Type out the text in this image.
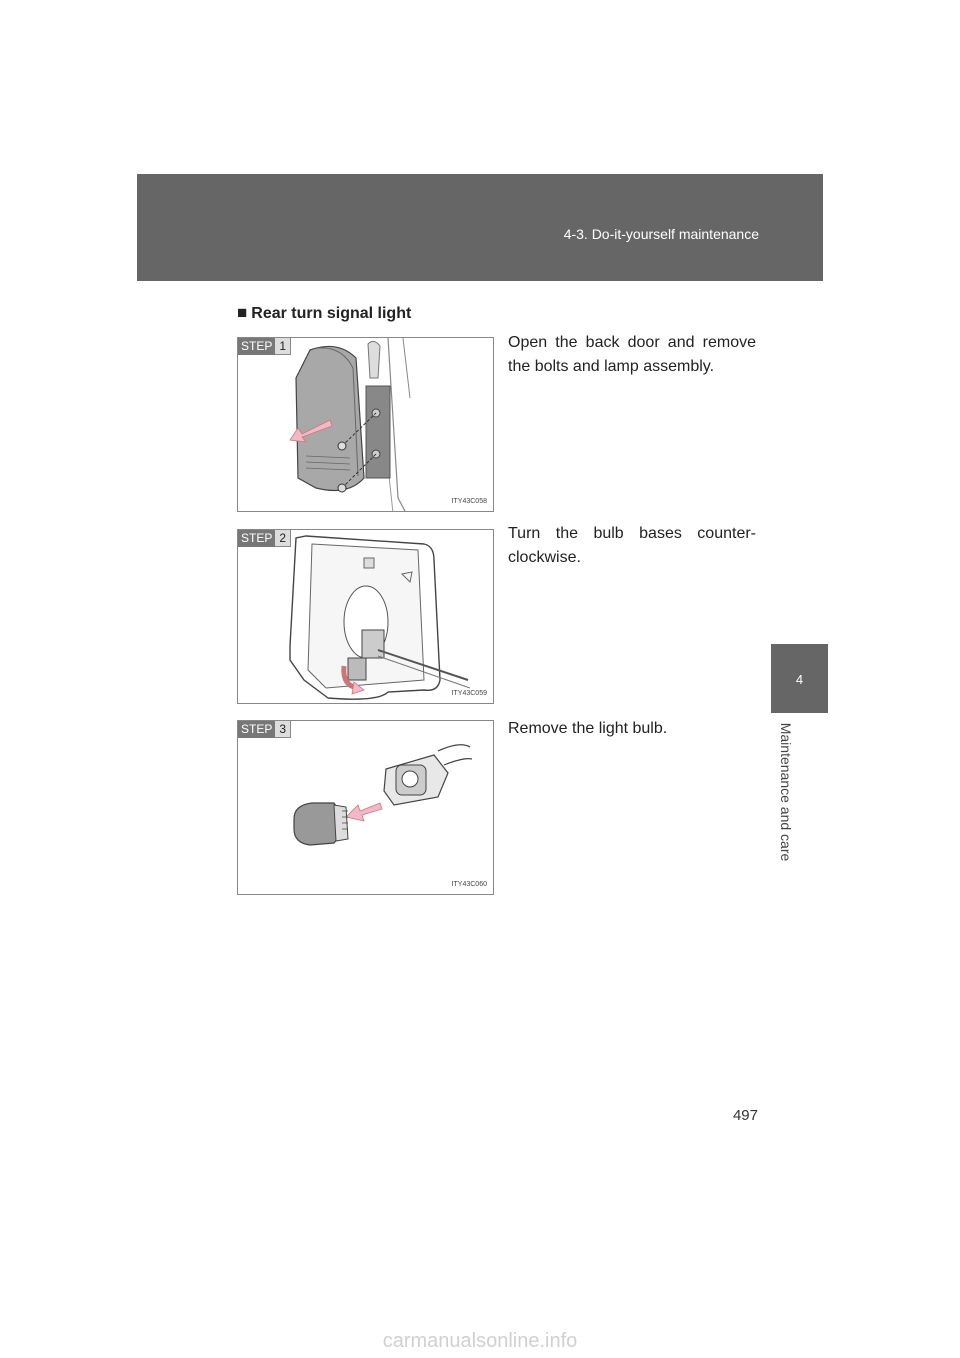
4-3. Do-it-yourself maintenance
4
Maintenance and care
■ Rear turn signal light
STEP 1
ITY43C058
Open the back door and remove the bolts and lamp assembly.
STEP 2
ITY43C059
Turn the bulb bases counter-clockwise.
STEP 3
ITY43C060
Remove the light bulb.
497
carmanualsonline.info
